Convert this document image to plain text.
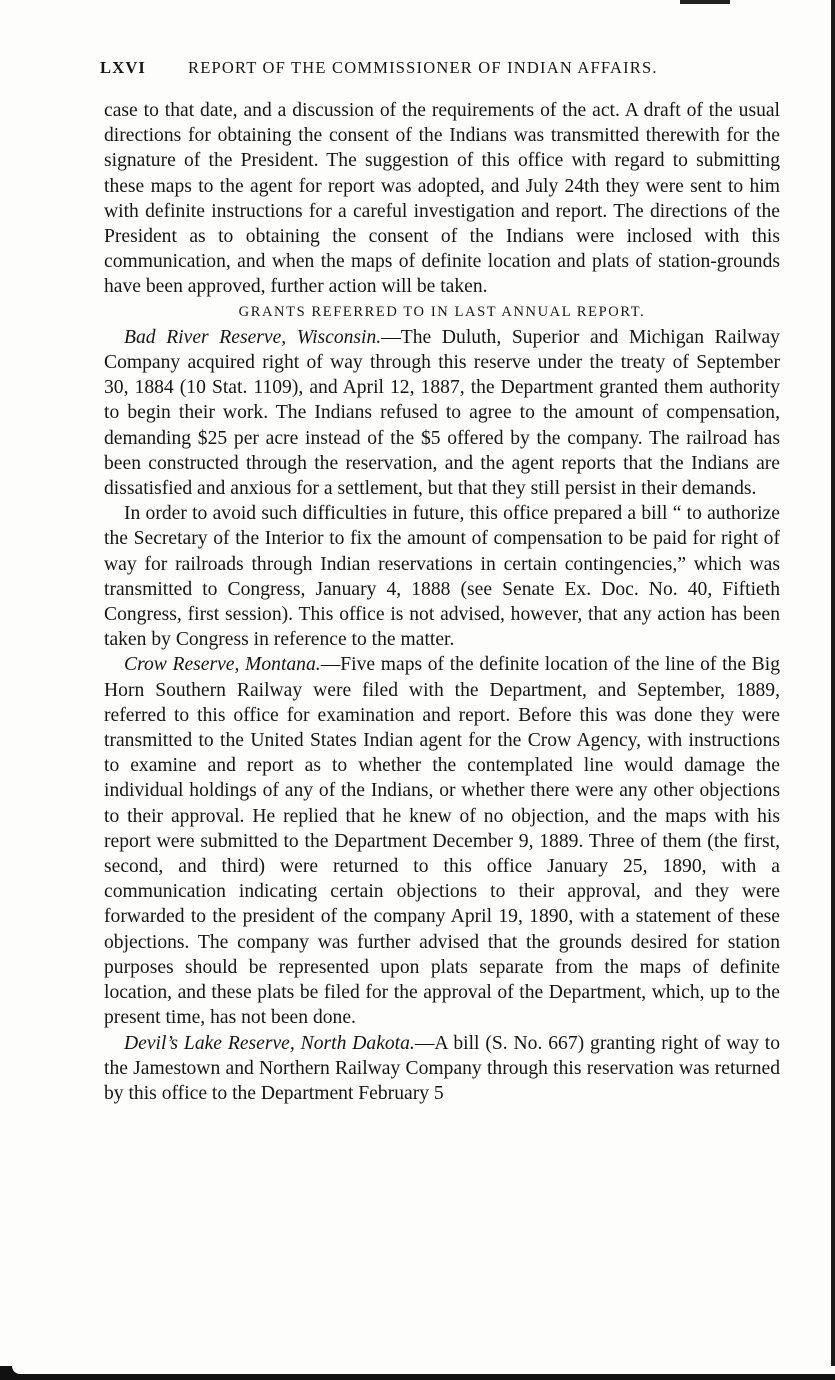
LXVI	REPORT OF THE COMMISSIONER OF INDIAN AFFAIRS.

case to that date, and a discussion of the requirements of the act. A draft of the usual directions for obtaining the consent of the Indians was transmitted therewith for the signature of the President. The suggestion of this office with regard to submitting these maps to the agent for report was adopted, and July 24th they were sent to him with definite instructions for a careful investigation and report. The directions of the President as to obtaining the consent of the Indians were inclosed with this communication, and when the maps of definite location and plats of station-grounds have been approved, further action will be taken.

GRANTS REFERRED TO IN LAST ANNUAL REPORT.

Bad River Reserve, Wisconsin.—The Duluth, Superior and Michigan Railway Company acquired right of way through this reserve under the treaty of September 30, 1884 (10 Stat. 1109), and April 12, 1887, the Department granted them authority to begin their work. The Indians refused to agree to the amount of compensation, demanding $25 per acre instead of the $5 offered by the company. The railroad has been constructed through the reservation, and the agent reports that the Indians are dissatisfied and anxious for a settlement, but that they still persist in their demands.

In order to avoid such difficulties in future, this office prepared a bill “ to authorize the Secretary of the Interior to fix the amount of compensation to be paid for right of way for railroads through Indian reservations in certain contingencies,” which was transmitted to Congress, January 4, 1888 (see Senate Ex. Doc. No. 40, Fiftieth Congress, first session). This office is not advised, however, that any action has been taken by Congress in reference to the matter.

Crow Reserve, Montana.—Five maps of the definite location of the line of the Big Horn Southern Railway were filed with the Department, and September, 1889, referred to this office for examination and report. Before this was done they were transmitted to the United States Indian agent for the Crow Agency, with instructions to examine and report as to whether the contemplated line would damage the individual holdings of any of the Indians, or whether there were any other objections to their approval. He replied that he knew of no objection, and the maps with his report were submitted to the Department December 9, 1889. Three of them (the first, second, and third) were returned to this office January 25, 1890, with a communication indicating certain objections to their approval, and they were forwarded to the president of the company April 19, 1890, with a statement of these objections. The company was further advised that the grounds desired for station purposes should be represented upon plats separate from the maps of definite location, and these plats be filed for the approval of the Department, which, up to the present time, has not been done.

Devil’s Lake Reserve, North Dakota.—A bill (S. No. 667) granting right of way to the Jamestown and Northern Railway Company through this reservation was returned by this office to the Department February 5
